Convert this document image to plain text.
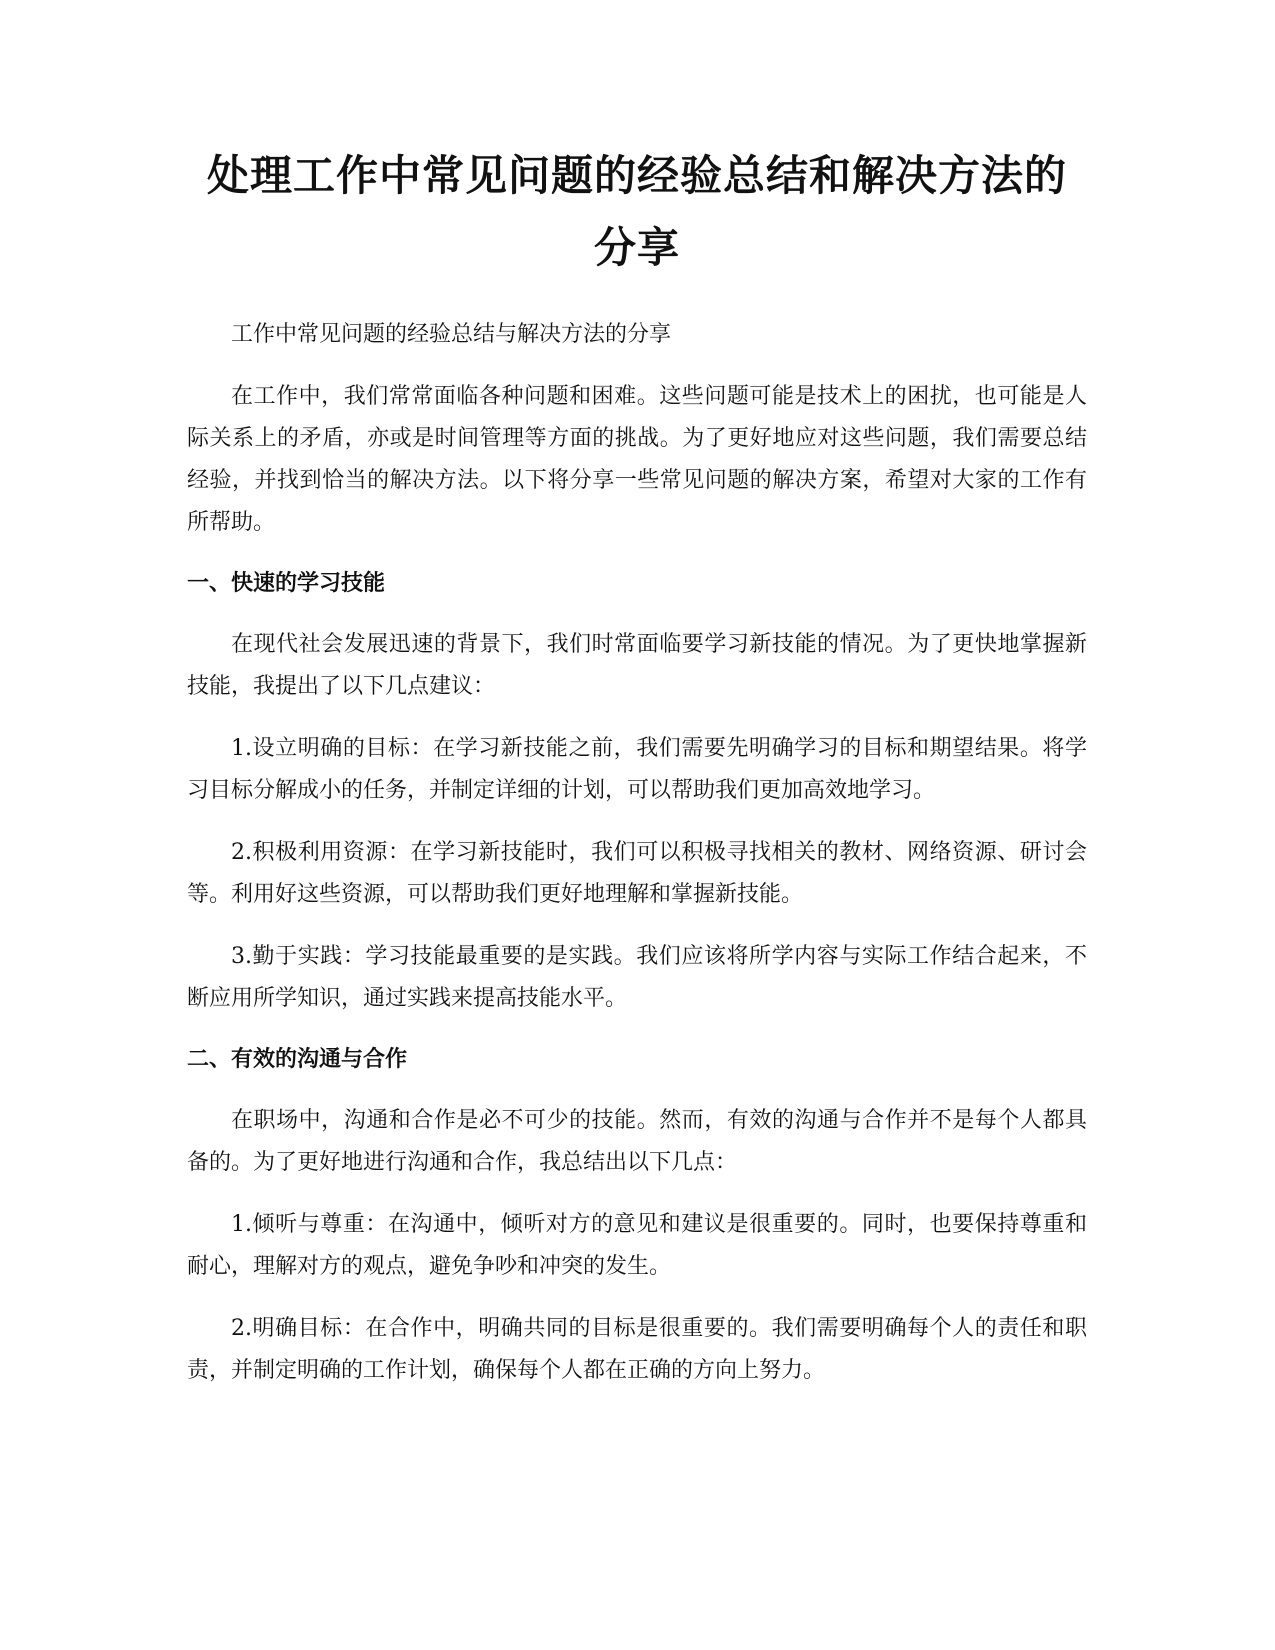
处理工作中常见问题的经验总结和解决方法的分享

工作中常见问题的经验总结与解决方法的分享

在工作中，我们常常面临各种问题和困难。这些问题可能是技术上的困扰，也可能是人际关系上的矛盾，亦或是时间管理等方面的挑战。为了更好地应对这些问题，我们需要总结经验，并找到恰当的解决方法。以下将分享一些常见问题的解决方案，希望对大家的工作有所帮助。

一、快速的学习技能

在现代社会发展迅速的背景下，我们时常面临要学习新技能的情况。为了更快地掌握新技能，我提出了以下几点建议：

1.设立明确的目标：在学习新技能之前，我们需要先明确学习的目标和期望结果。将学习目标分解成小的任务，并制定详细的计划，可以帮助我们更加高效地学习。

2.积极利用资源：在学习新技能时，我们可以积极寻找相关的教材、网络资源、研讨会等。利用好这些资源，可以帮助我们更好地理解和掌握新技能。

3.勤于实践：学习技能最重要的是实践。我们应该将所学内容与实际工作结合起来，不断应用所学知识，通过实践来提高技能水平。

二、有效的沟通与合作

在职场中，沟通和合作是必不可少的技能。然而，有效的沟通与合作并不是每个人都具备的。为了更好地进行沟通和合作，我总结出以下几点：

1.倾听与尊重：在沟通中，倾听对方的意见和建议是很重要的。同时，也要保持尊重和耐心，理解对方的观点，避免争吵和冲突的发生。

2.明确目标：在合作中，明确共同的目标是很重要的。我们需要明确每个人的责任和职责，并制定明确的工作计划，确保每个人都在正确的方向上努力。
